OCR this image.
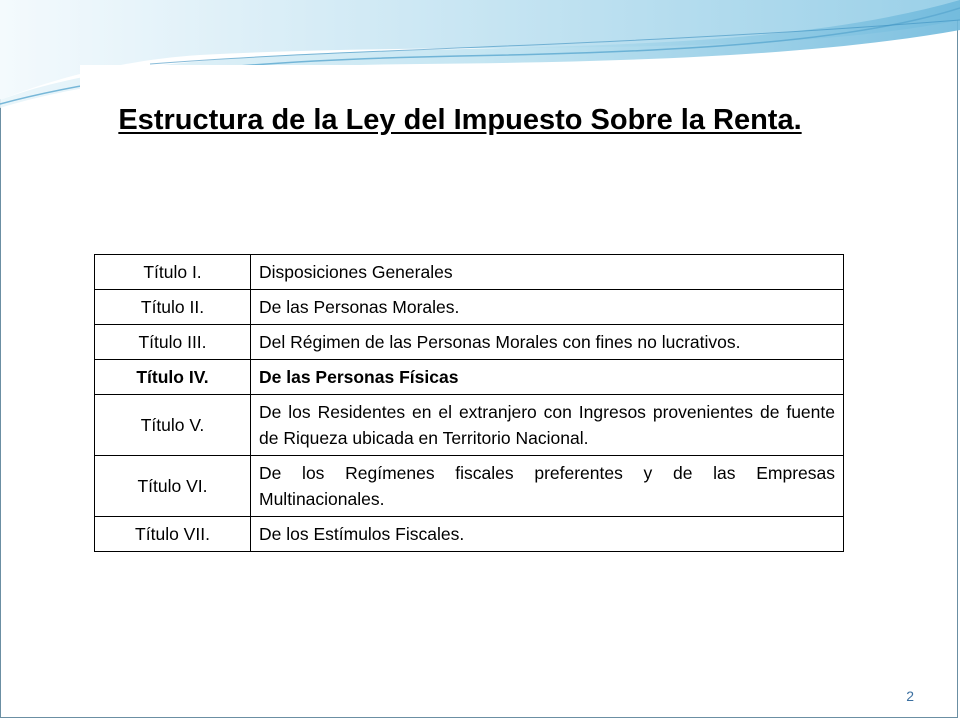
Estructura de la Ley del Impuesto Sobre la Renta.
Título I.	Disposiciones Generales
Título II.	De las Personas Morales.
Título III.	Del Régimen de las Personas Morales con fines no lucrativos.
Título IV.	De las Personas Físicas
Título V.	De los Residentes en el extranjero con Ingresos provenientes de fuente de Riqueza ubicada en Territorio Nacional.
Título VI.	De los Regímenes fiscales preferentes y de las Empresas Multinacionales.
Título VII.	De los Estímulos Fiscales.
2
